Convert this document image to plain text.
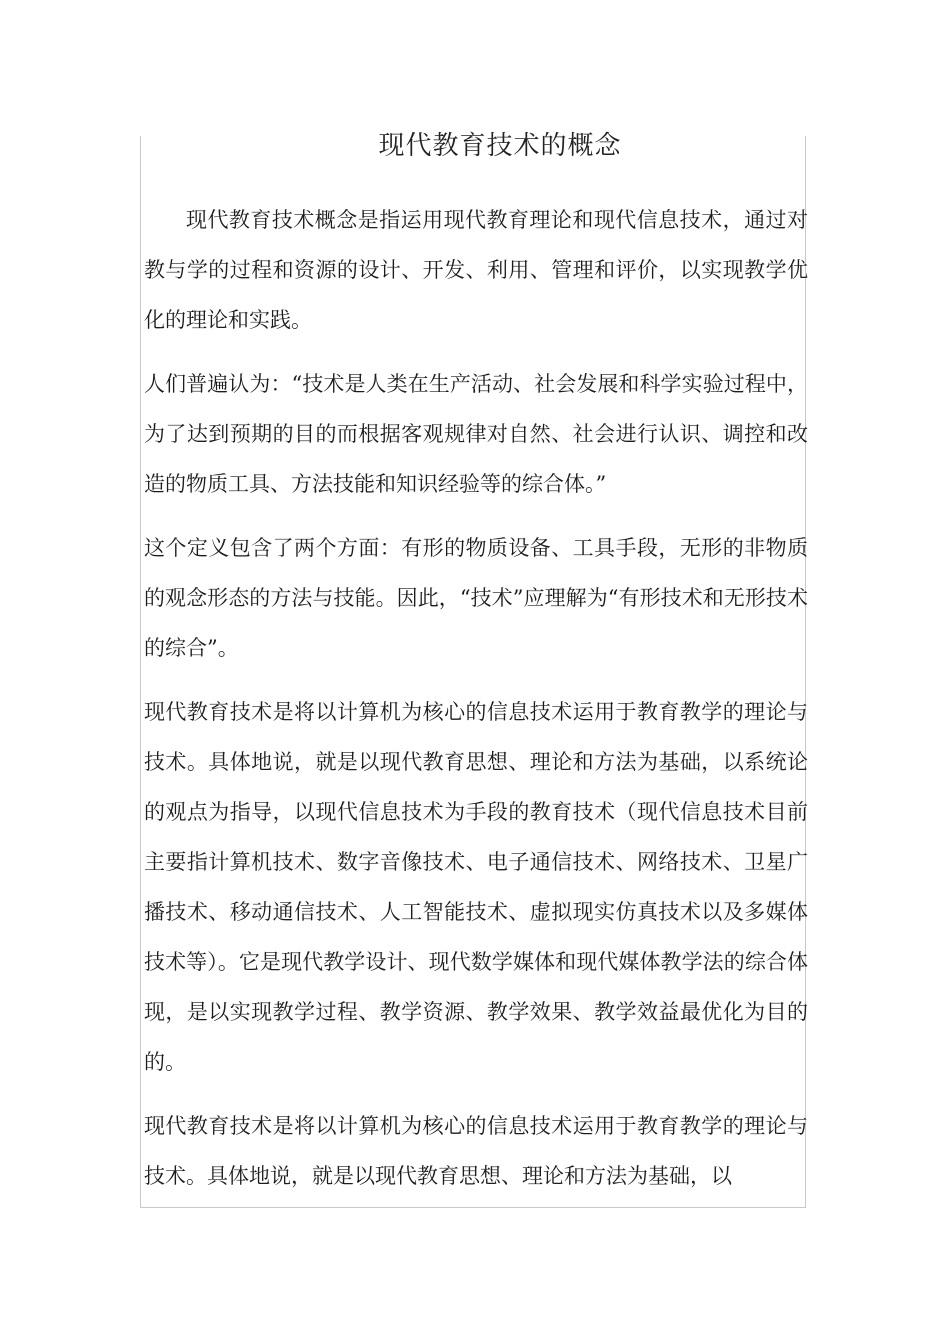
现代教育技术的概念

现代教育技术概念是指运用现代教育理论和现代信息技术，通过对教与学的过程和资源的设计、开发、利用、管理和评价，以实现教学优化的理论和实践。

人们普遍认为：“技术是人类在生产活动、社会发展和科学实验过程中，为了达到预期的目的而根据客观规律对自然、社会进行认识、调控和改造的物质工具、方法技能和知识经验等的综合体。”

这个定义包含了两个方面：有形的物质设备、工具手段，无形的非物质的观念形态的方法与技能。因此，“技术”应理解为“有形技术和无形技术的综合”。

现代教育技术是将以计算机为核心的信息技术运用于教育教学的理论与技术。具体地说，就是以现代教育思想、理论和方法为基础，以系统论的观点为指导，以现代信息技术为手段的教育技术（现代信息技术目前主要指计算机技术、数字音像技术、电子通信技术、网络技术、卫星广播技术、移动通信技术、人工智能技术、虚拟现实仿真技术以及多媒体技术等）。它是现代教学设计、现代数学媒体和现代媒体教学法的综合体现，是以实现教学过程、教学资源、教学效果、教学效益最优化为目的的。

现代教育技术是将以计算机为核心的信息技术运用于教育教学的理论与技术。具体地说，就是以现代教育思想、理论和方法为基础，以
